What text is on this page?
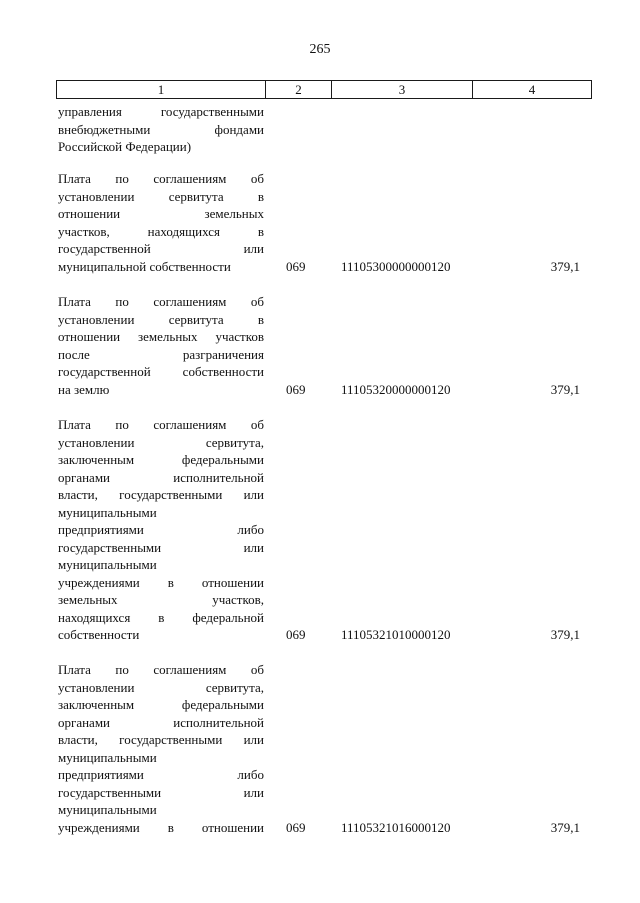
265
1	2	3	4
управления государственными
внебюджетными фондами
Российской Федерации)
Плата по соглашениям об
установлении сервитута в
отношении земельных
участков, находящихся в
государственной или
муниципальной собственности	069	11105300000000120	379,1
Плата по соглашениям об
установлении сервитута в
отношении земельных участков
после разграничения
государственной собственности
на землю	069	11105320000000120	379,1
Плата по соглашениям об
установлении сервитута,
заключенным федеральными
органами исполнительной
власти, государственными или
муниципальными
предприятиями либо
государственными или
муниципальными
учреждениями в отношении
земельных участков,
находящихся в федеральной
собственности	069	11105321010000120	379,1
Плата по соглашениям об
установлении сервитута,
заключенным федеральными
органами исполнительной
власти, государственными или
муниципальными
предприятиями либо
государственными или
муниципальными
учреждениями в отношении 069	11105321016000120	379,1
